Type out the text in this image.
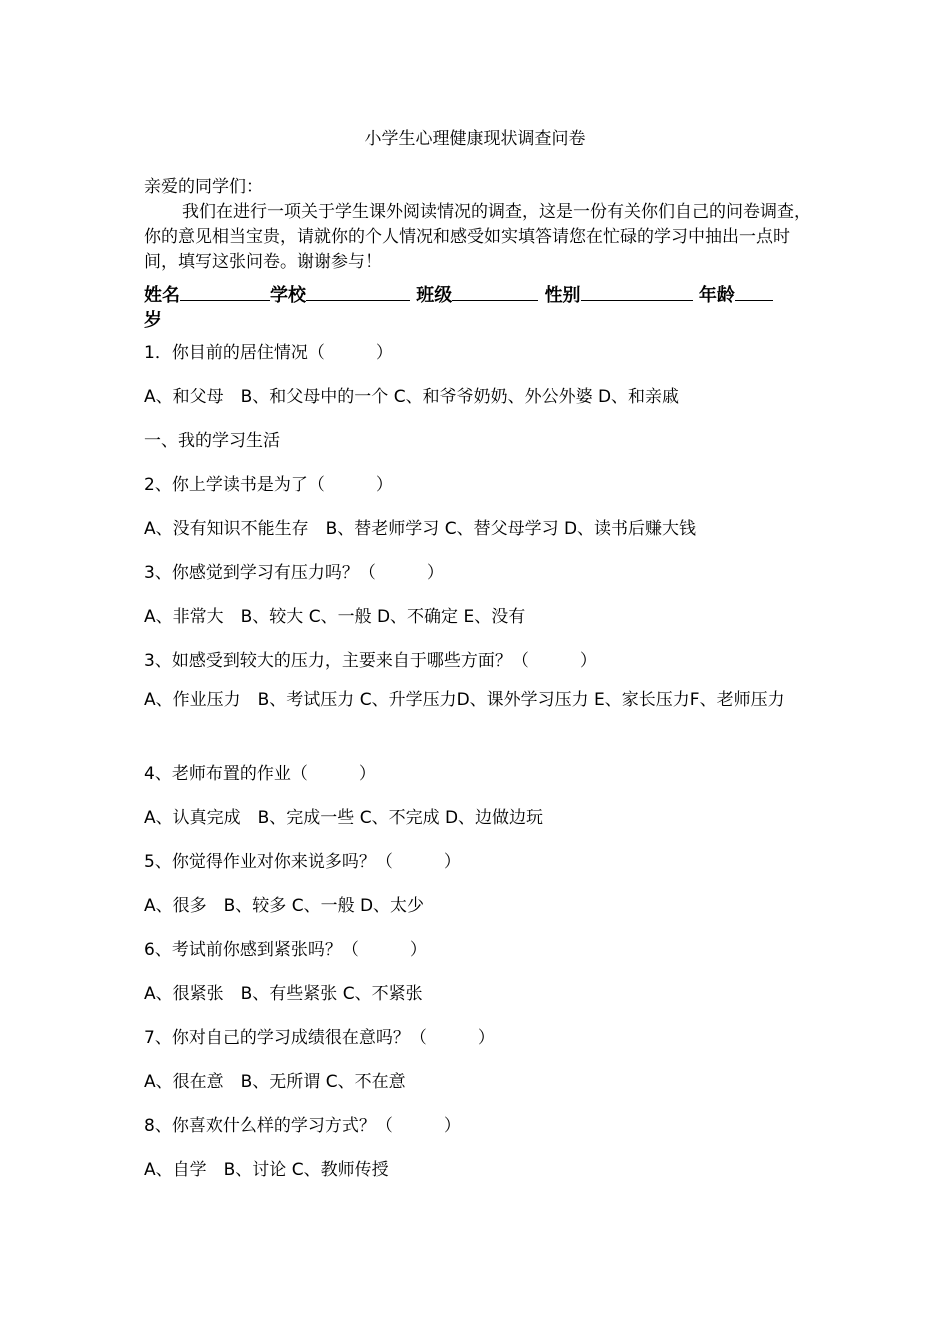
小学生心理健康现状调查问卷
亲爱的同学们：
我们在进行一项关于学生课外阅读情况的调查，这是一份有关你们自己的问卷调查，你的意见相当宝贵，请就你的个人情况和感受如实填答请您在忙碌的学习中抽出一点时间，填写这张问卷。谢谢参与！
姓名	学校	班级	性别	年龄
岁
1．你目前的居住情况（　　　）
A、和父母　B、和父母中的一个 C、和爷爷奶奶、外公外婆 D、和亲戚
一、我的学习生活
2、你上学读书是为了（　　　）
A、没有知识不能生存　B、替老师学习 C、替父母学习 D、读书后赚大钱
3、你感觉到学习有压力吗？（　　　）
A、非常大　B、较大 C、一般 D、不确定 E、没有
3、如感受到较大的压力，主要来自于哪些方面？（　　　）
A、作业压力　B、考试压力 C、升学压力D、课外学习压力 E、家长压力F、老师压力
4、老师布置的作业（　　　）
A、认真完成　B、完成一些 C、不完成 D、边做边玩
5、你觉得作业对你来说多吗？（　　　）
A、很多　B、较多 C、一般 D、太少
6、考试前你感到紧张吗？（　　　）
A、很紧张　B、有些紧张 C、不紧张
7、你对自己的学习成绩很在意吗？（　　　）
A、很在意　B、无所谓 C、不在意
8、你喜欢什么样的学习方式？（　　　）
A、自学　B、讨论 C、教师传授
